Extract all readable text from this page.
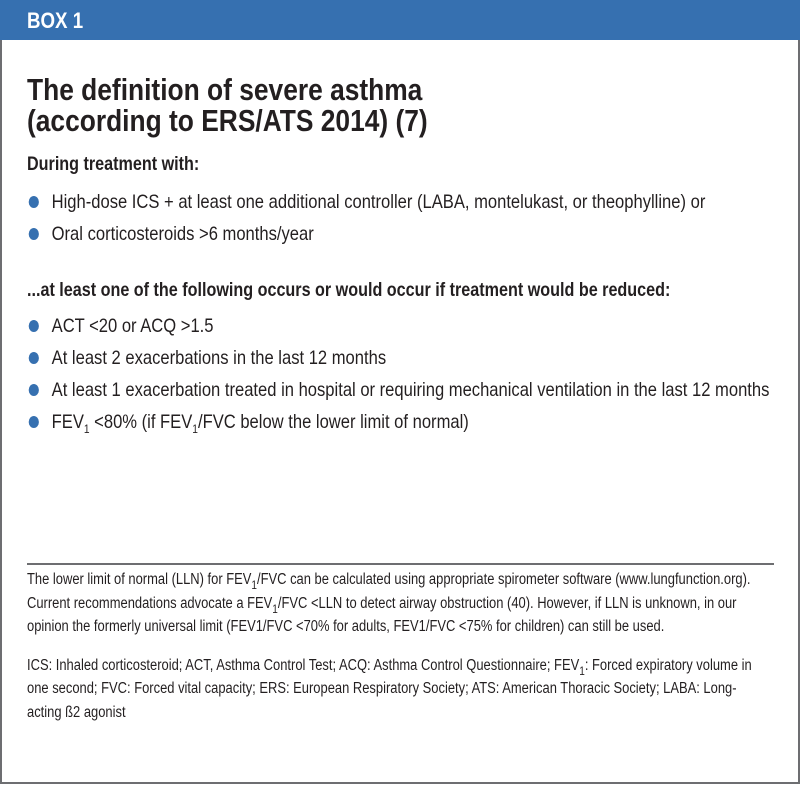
BOX 1
The definition of severe asthma
(according to ERS/ATS 2014) (7)
During treatment with:
High-dose ICS + at least one additional controller (LABA, montelukast, or theophylline) or
Oral corticosteroids >6 months/year
...at least one of the following occurs or would occur if treatment would be reduced:
ACT <20 or ACQ >1.5
At least 2 exacerbations in the last 12 months
At least 1 exacerbation treated in hospital or requiring mechanical ventilation in the last 12 months
$FEV_1 <80\%$ (if $FEV_1$/FVC below the lower limit of normal)

The lower limit of normal (LLN) for $FEV_1$/FVC can be calculated using appropriate spirometer software (www.lungfunction.org). Current recommendations advocate a $FEV_1$/FVC <LLN to detect airway obstruction (40). However, if LLN is unknown, in our opinion the formerly universal limit (FEV1/FVC <70% for adults, FEV1/FVC <75% for children) can still be used.

ICS: Inhaled corticosteroid; ACT, Asthma Control Test; ACQ: Asthma Control Questionnaire; $FEV_1$: Forced expiratory volume in one second; FVC: Forced vital capacity; ERS: European Respiratory Society; ATS: American Thoracic Society; LABA: Long-acting ß2 agonist
